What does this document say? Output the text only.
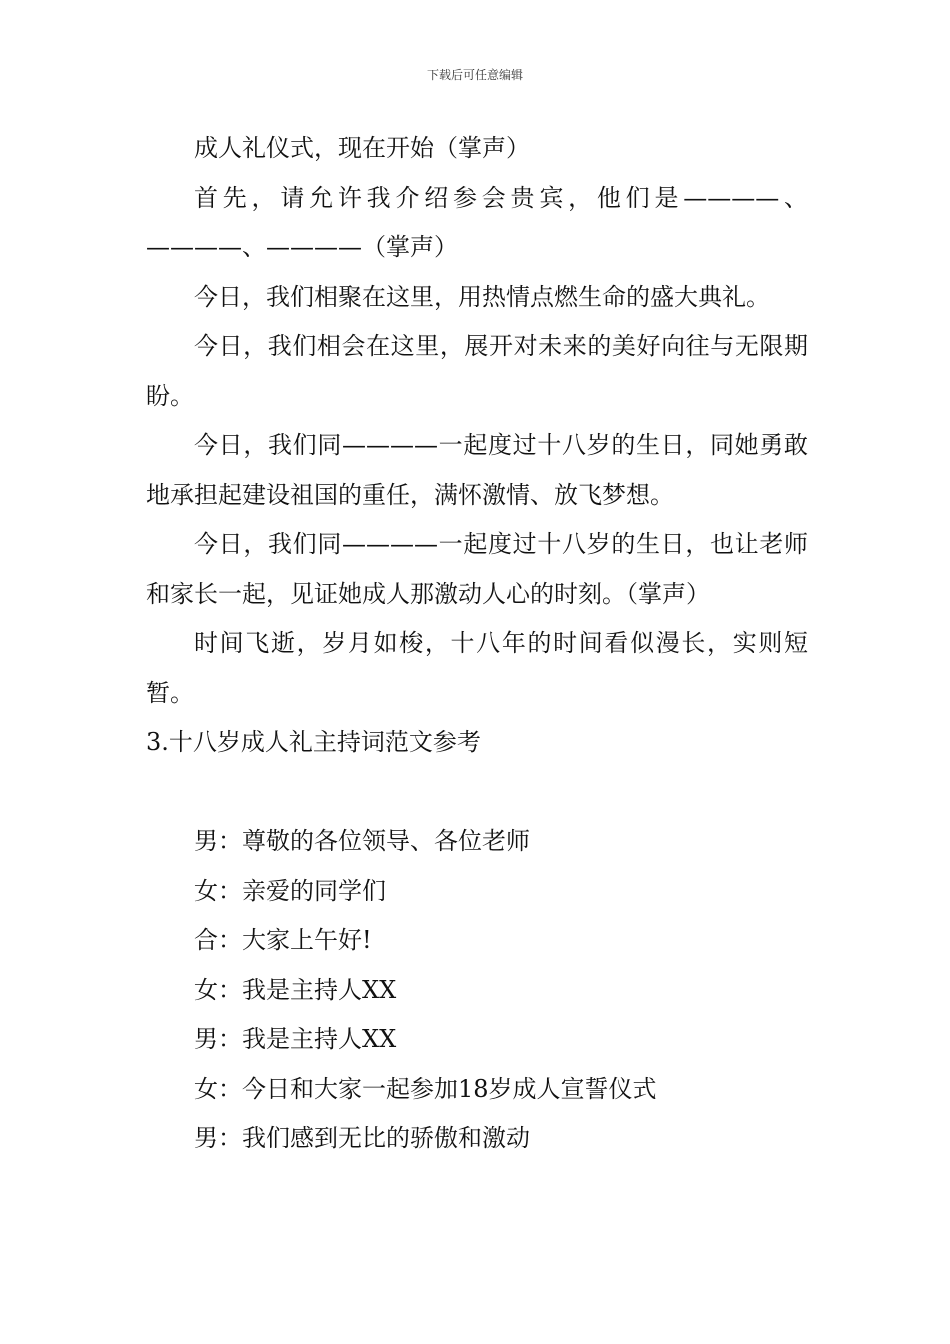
下载后可任意编辑

成人礼仪式，现在开始（掌声）

首先，请允许我介绍参会贵宾，他们是————、————、————（掌声）

今日，我们相聚在这里，用热情点燃生命的盛大典礼。

今日，我们相会在这里，展开对未来的美好向往与无限期盼。

今日，我们同————一起度过十八岁的生日，同她勇敢地承担起建设祖国的重任，满怀激情、放飞梦想。

今日，我们同————一起度过十八岁的生日，也让老师和家长一起，见证她成人那激动人心的时刻。（掌声）

时间飞逝，岁月如梭，十八年的时间看似漫长，实则短暂。

3.十八岁成人礼主持词范文参考

男：尊敬的各位领导、各位老师

女：亲爱的同学们

合：大家上午好!

女：我是主持人XX

男：我是主持人XX

女：今日和大家一起参加18岁成人宣誓仪式

男：我们感到无比的骄傲和激动
